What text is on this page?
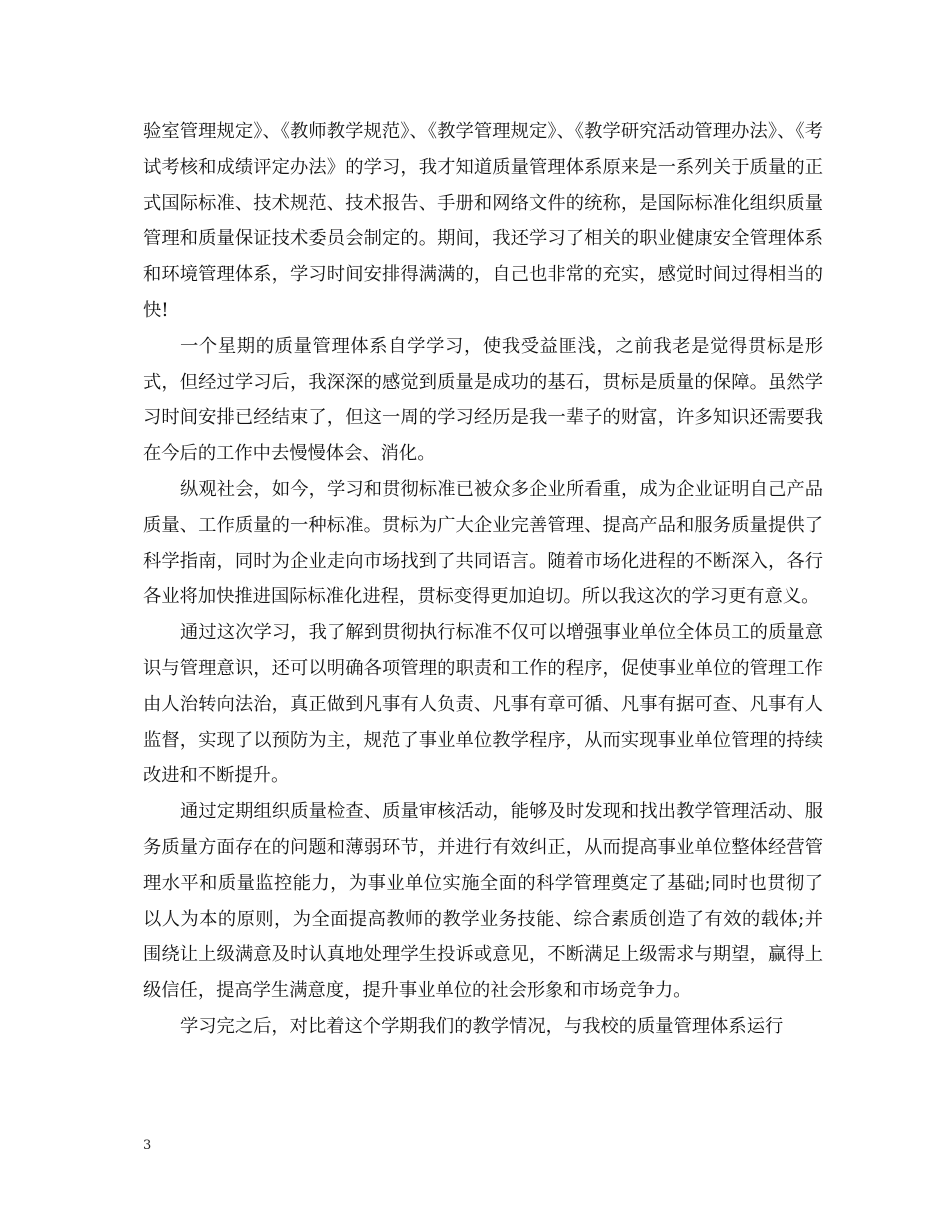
验室管理规定》、《教师教学规范》、《教学管理规定》、《教学研究活动管理办法》、《考试考核和成绩评定办法》的学习，我才知道质量管理体系原来是一系列关于质量的正式国际标准、技术规范、技术报告、手册和网络文件的统称，是国际标准化组织质量管理和质量保证技术委员会制定的。期间，我还学习了相关的职业健康安全管理体系和环境管理体系，学习时间安排得满满的，自己也非常的充实，感觉时间过得相当的快!

一个星期的质量管理体系自学学习，使我受益匪浅，之前我老是觉得贯标是形式，但经过学习后，我深深的感觉到质量是成功的基石，贯标是质量的保障。虽然学习时间安排已经结束了，但这一周的学习经历是我一辈子的财富，许多知识还需要我在今后的工作中去慢慢体会、消化。

纵观社会，如今，学习和贯彻标准已被众多企业所看重，成为企业证明自己产品质量、工作质量的一种标准。贯标为广大企业完善管理、提高产品和服务质量提供了科学指南，同时为企业走向市场找到了共同语言。随着市场化进程的不断深入，各行各业将加快推进国际标准化进程，贯标变得更加迫切。所以我这次的学习更有意义。

通过这次学习，我了解到贯彻执行标准不仅可以增强事业单位全体员工的质量意识与管理意识，还可以明确各项管理的职责和工作的程序，促使事业单位的管理工作由人治转向法治，真正做到凡事有人负责、凡事有章可循、凡事有据可查、凡事有人监督，实现了以预防为主，规范了事业单位教学程序，从而实现事业单位管理的持续改进和不断提升。

通过定期组织质量检查、质量审核活动，能够及时发现和找出教学管理活动、服务质量方面存在的问题和薄弱环节，并进行有效纠正，从而提高事业单位整体经营管理水平和质量监控能力，为事业单位实施全面的科学管理奠定了基础;同时也贯彻了以人为本的原则，为全面提高教师的教学业务技能、综合素质创造了有效的载体;并围绕让上级满意及时认真地处理学生投诉或意见，不断满足上级需求与期望，赢得上级信任，提高学生满意度，提升事业单位的社会形象和市场竞争力。

学习完之后，对比着这个学期我们的教学情况，与我校的质量管理体系运行

3
